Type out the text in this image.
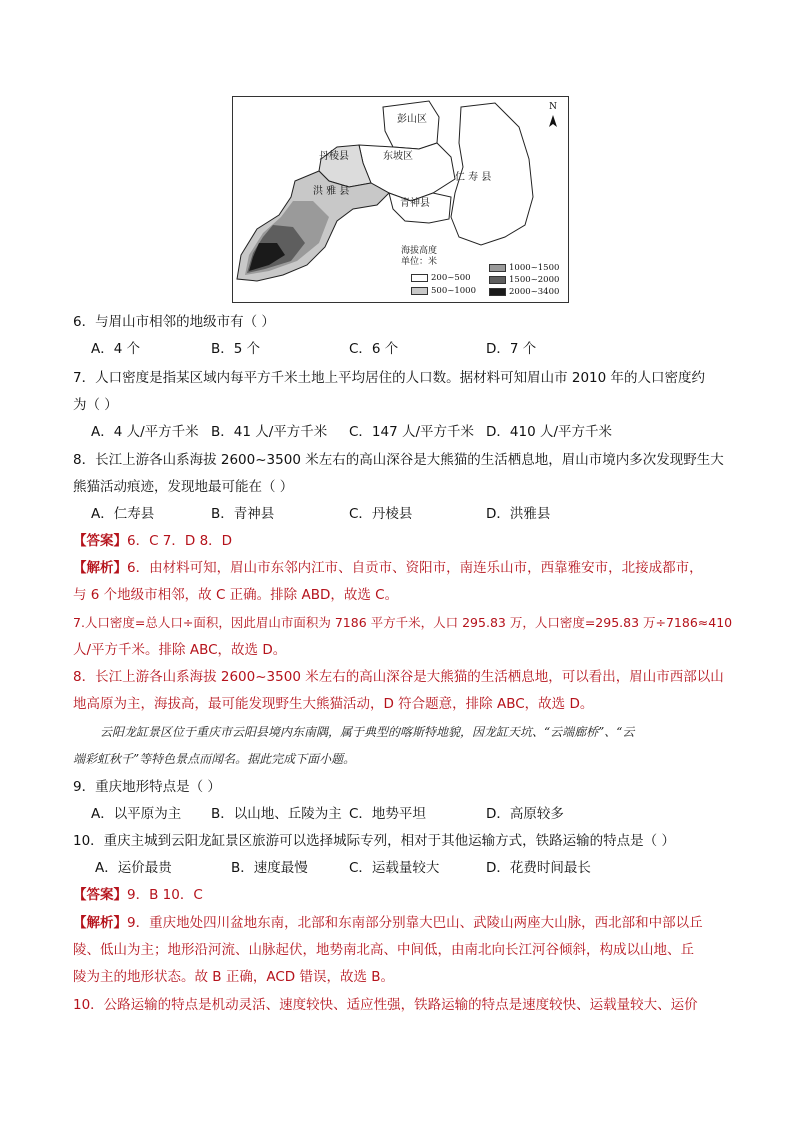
N
彭山区
丹棱县	东坡区
仁 寿 县
洪 雅 县
青神县
海拔高度
单位：米
200~500
500~1000
1000~1500
1500~2000
2000~3400
6．与眉山市相邻的地级市有（ ）
A．4 个	B．5 个	C．6 个	D．7 个
7．人口密度是指某区域内每平方千米土地上平均居住的人口数。据材料可知眉山市 2010 年的人口密度约
为（ ）
A．4 人/平方千米 B．41 人/平方千米 C．147 人/平方千米 D．410 人/平方千米
8．长江上游各山系海拔 2600~3500 米左右的高山深谷是大熊猫的生活栖息地，眉山市境内多次发现野生大
熊猫活动痕迹，发现地最可能在（ ）
A．仁寿县	B．青神县	C．丹棱县	D．洪雅县
【答案】6．C 7．D 8．D
【解析】6．由材料可知，眉山市东邻内江市、自贡市、资阳市，南连乐山市，西靠雅安市，北接成都市，
与 6 个地级市相邻，故 C 正确。排除 ABD，故选 C。
7.人口密度=总人口÷面积，因此眉山市面积为 7186 平方千米，人口 295.83 万，人口密度=295.83 万÷7186≈410
人/平方千米。排除 ABC，故选 D。
8．长江上游各山系海拔 2600~3500 米左右的高山深谷是大熊猫的生活栖息地，可以看出，眉山市西部以山
地高原为主，海拔高，最可能发现野生大熊猫活动，D 符合题意，排除 ABC，故选 D。
云阳龙缸景区位于重庆市云阳县境内东南隅，属于典型的喀斯特地貌，因龙缸天坑、“云端廊桥”、“云
端彩虹秋千”等特色景点而闻名。据此完成下面小题。
9．重庆地形特点是（ ）
A．以平原为主 B．以山地、丘陵为主 C．地势平坦	D．高原较多
10．重庆主城到云阳龙缸景区旅游可以选择城际专列，相对于其他运输方式，铁路运输的特点是（ ）
A．运价最贵	B．速度最慢	C．运载量较大	D．花费时间最长
【答案】9．B 10．C
【解析】9．重庆地处四川盆地东南，北部和东南部分别靠大巴山、武陵山两座大山脉，西北部和中部以丘
陵、低山为主；地形沿河流、山脉起伏，地势南北高、中间低，由南北向长江河谷倾斜，构成以山地、丘
陵为主的地形状态。故 B 正确，ACD 错误，故选 B。
10．公路运输的特点是机动灵活、速度较快、适应性强，铁路运输的特点是速度较快、运载量较大、运价
